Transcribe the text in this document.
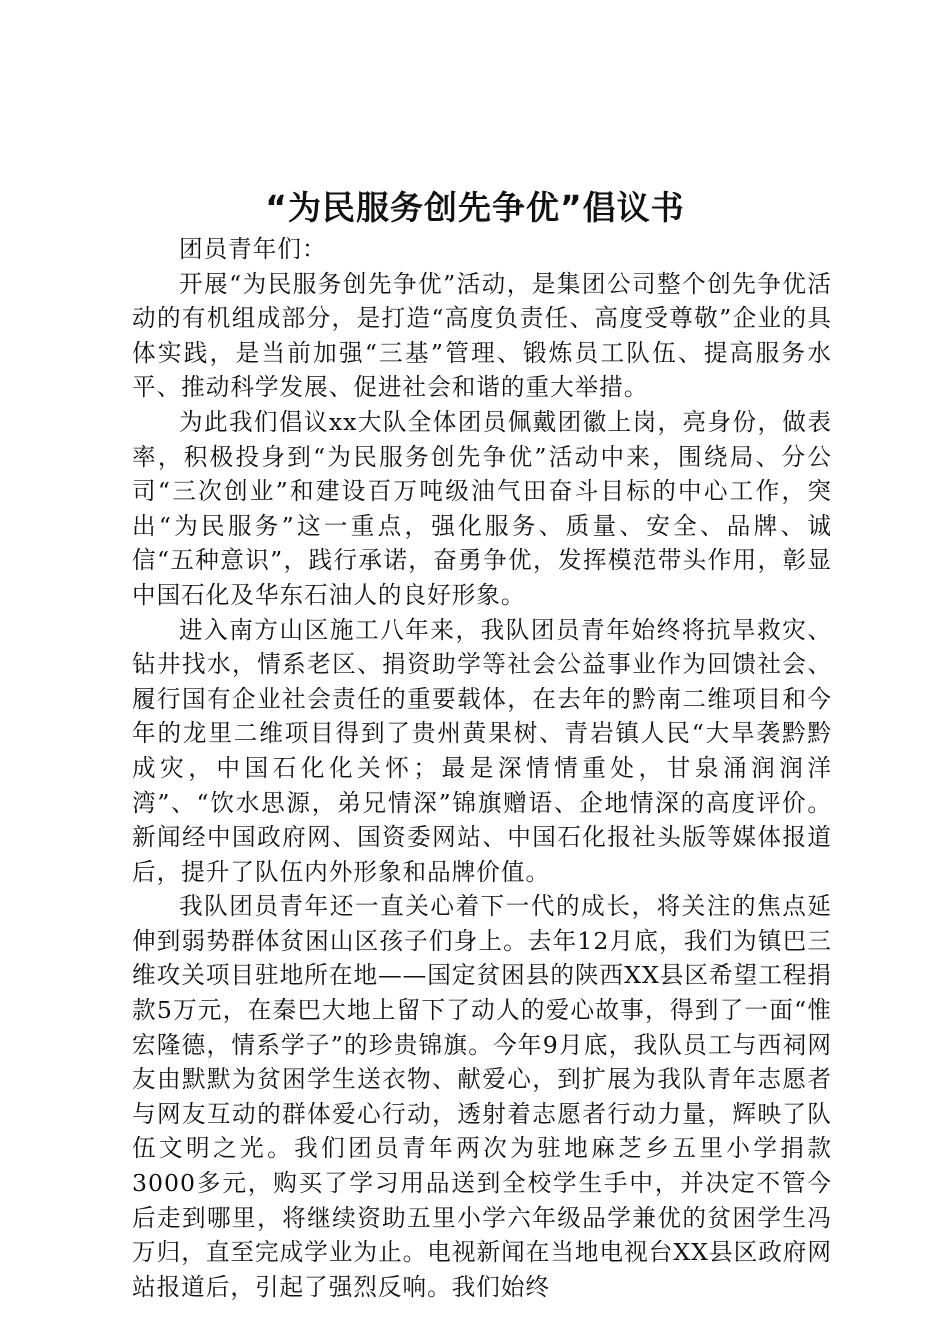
“为民服务创先争优”倡议书

团员青年们：

开展“为民服务创先争优”活动，是集团公司整个创先争优活动的有机组成部分，是打造“高度负责任、高度受尊敬”企业的具体实践，是当前加强“三基”管理、锻炼员工队伍、提高服务水平、推动科学发展、促进社会和谐的重大举措。

为此我们倡议xx大队全体团员佩戴团徽上岗，亮身份，做表率，积极投身到“为民服务创先争优”活动中来，围绕局、分公司“三次创业”和建设百万吨级油气田奋斗目标的中心工作，突出“为民服务”这一重点，强化服务、质量、安全、品牌、诚信“五种意识”，践行承诺，奋勇争优，发挥模范带头作用，彰显中国石化及华东石油人的良好形象。

进入南方山区施工八年来，我队团员青年始终将抗旱救灾、钻井找水，情系老区、捐资助学等社会公益事业作为回馈社会、履行国有企业社会责任的重要载体，在去年的黔南二维项目和今年的龙里二维项目得到了贵州黄果树、青岩镇人民“大旱袭黔黔成灾，中国石化化关怀；最是深情情重处，甘泉涌润润洋湾”、“饮水思源，弟兄情深”锦旗赠语、企地情深的高度评价。新闻经中国政府网、国资委网站、中国石化报社头版等媒体报道后，提升了队伍内外形象和品牌价值。

我队团员青年还一直关心着下一代的成长，将关注的焦点延伸到弱势群体贫困山区孩子们身上。去年12月底，我们为镇巴三维攻关项目驻地所在地——国定贫困县的陕西XX县区希望工程捐款5万元，在秦巴大地上留下了动人的爱心故事，得到了一面“惟宏隆德，情系学子”的珍贵锦旗。今年9月底，我队员工与西祠网友由默默为贫困学生送衣物、献爱心，到扩展为我队青年志愿者与网友互动的群体爱心行动，透射着志愿者行动力量，辉映了队伍文明之光。我们团员青年两次为驻地麻芝乡五里小学捐款3000多元，购买了学习用品送到全校学生手中，并决定不管今后走到哪里，将继续资助五里小学六年级品学兼优的贫困学生冯万归，直至完成学业为止。电视新闻在当地电视台XX县区政府网站报道后，引起了强烈反响。我们始终
